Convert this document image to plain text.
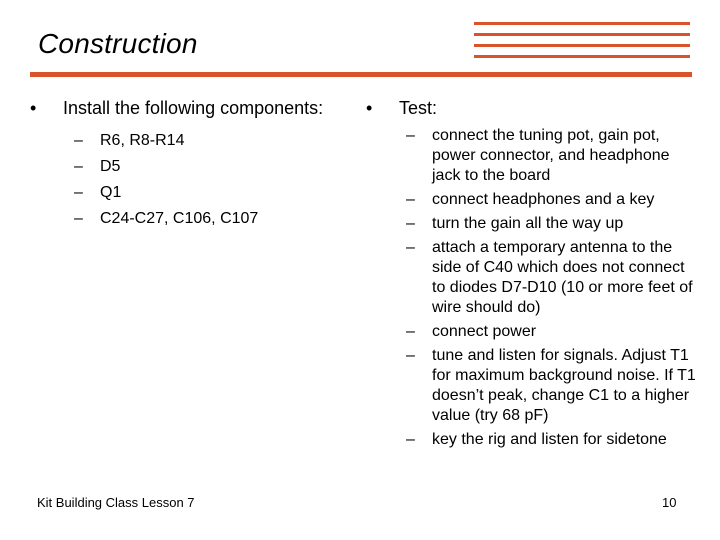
Construction
•	Install the following components:
–	R6, R8-R14
–	D5
–	Q1
–	C24-C27, C106, C107
•	Test:
–	connect the tuning pot, gain pot, power connector, and headphone jack to the board
–	connect headphones and a key
–	turn the gain all the way up
–	attach a temporary antenna to the side of C40 which does not connect to diodes D7-D10 (10 or more feet of wire should do)
–	connect power
–	tune and listen for signals. Adjust T1 for maximum background noise. If T1 doesn’t peak, change C1 to a higher value (try 68 pF)
–	key the rig and listen for sidetone
Kit Building Class Lesson 7	10
